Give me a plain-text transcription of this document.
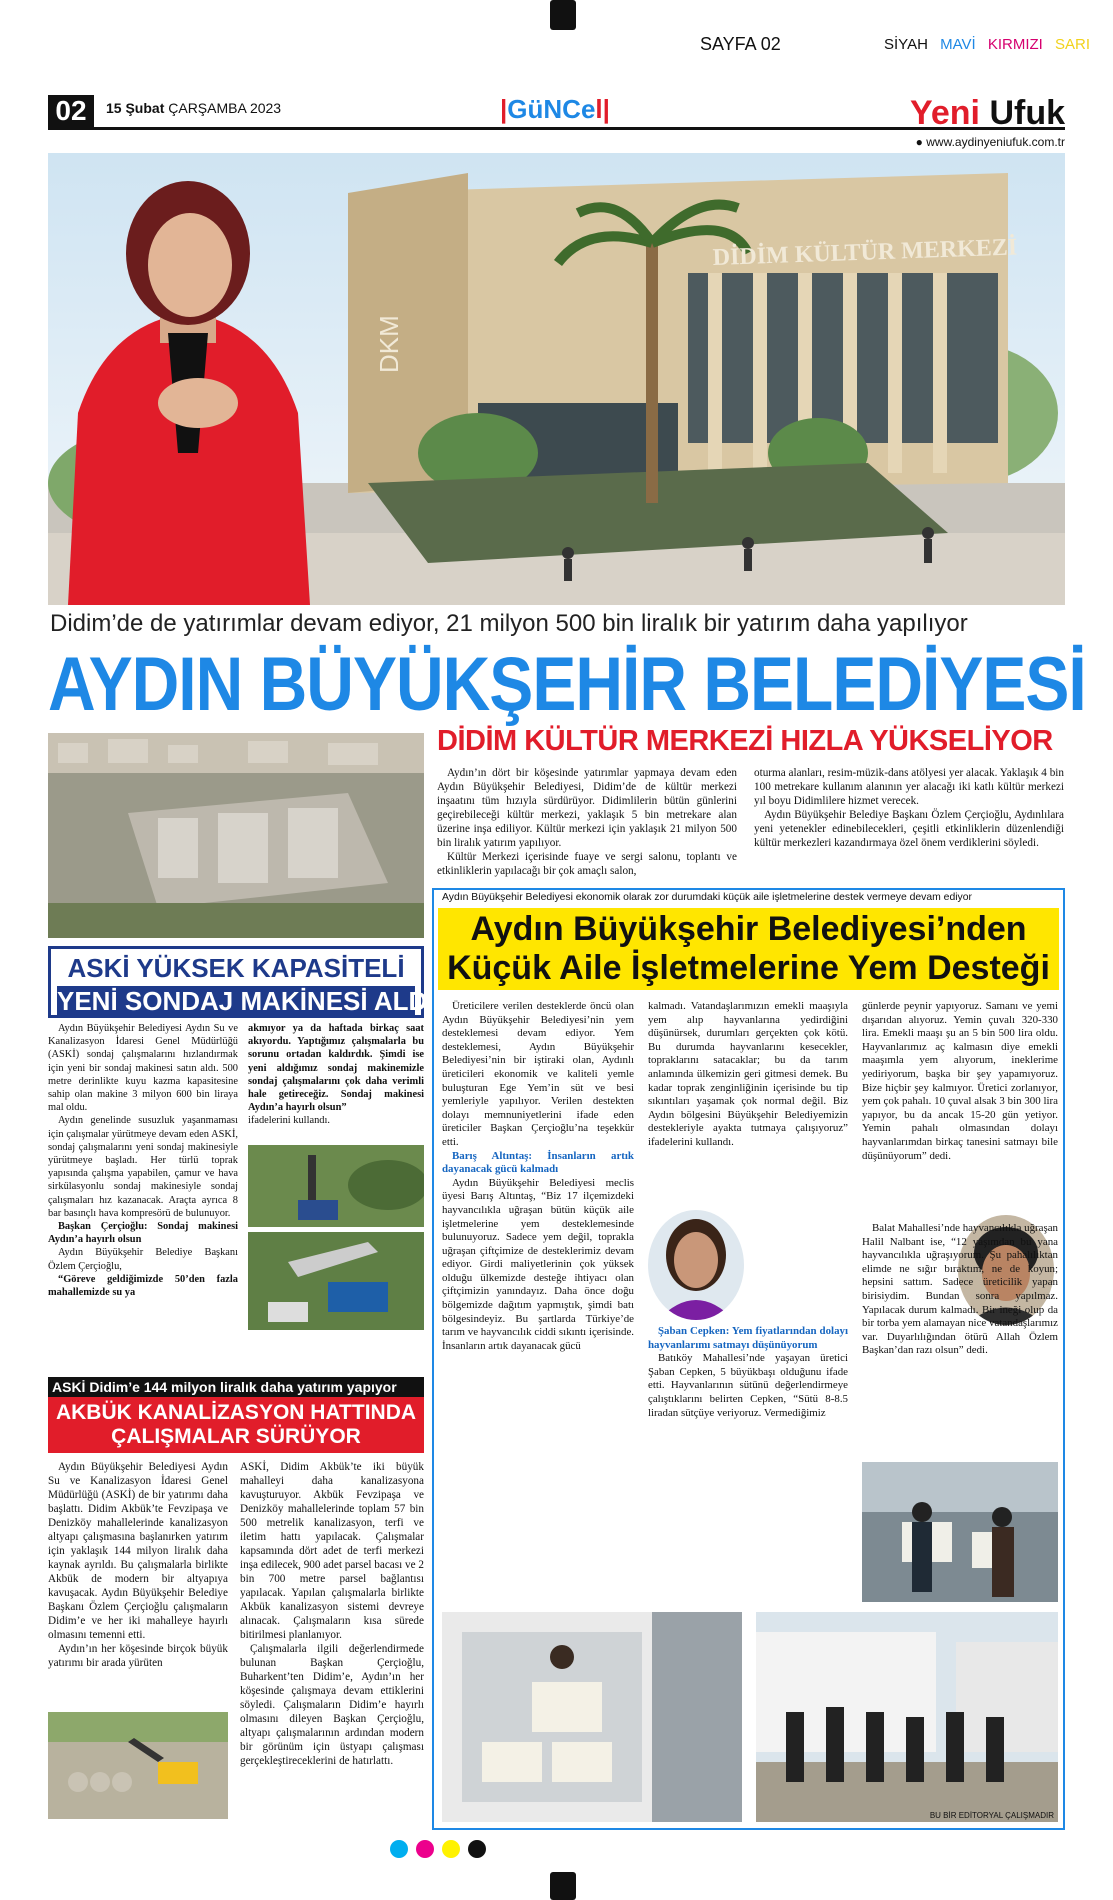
SAYFA 02	SİYAH MAVİ KIRMIZI SARI
02	15 Şubat ÇARŞAMBA 2023	|GüNCel|	Yeni Ufuk
● www.aydinyeniufuk.com.tr
DİDİM KÜLTÜR MERKEZİ
DKM
Didim’de de yatırımlar devam ediyor, 21 milyon 500 bin liralık bir yatırım daha yapılıyor
AYDIN BÜYÜKŞEHİR BELEDİYESİ
DİDİM KÜLTÜR MERKEZİ HIZLA YÜKSELİYOR

Aydın’ın dört bir köşesinde yatırımlar yapmaya devam eden Aydın Büyükşehir Belediyesi, Didim’de de kültür merkezi inşaatını tüm hızıyla sürdürüyor. Didimlilerin bütün günlerini geçirebileceği kültür merkezi, yaklaşık 5 bin metrekare alan üzerine inşa ediliyor. Kültür merkezi için yaklaşık 21 milyon 500 bin liralık yatırım yapılıyor.

Kültür Merkezi içerisinde fuaye ve sergi salonu, toplantı ve etkinliklerin yapılacağı bir çok amaçlı salon,

oturma alanları, resim-müzik-dans atölyesi yer alacak. Yaklaşık 4 bin 100 metrekare kullanım alanının yer alacağı iki katlı kültür merkezi yıl boyu Didimlilere hizmet verecek.

Aydın Büyükşehir Belediye Başkanı Özlem Çerçioğlu, Aydınlılara yeni yetenekler edinebilecekleri, çeşitli etkinliklerin düzenlendiği kültür merkezleri kazandırmaya özel önem verdiklerini söyledi.

ASKİ YÜKSEK KAPASİTELİ
YENİ SONDAJ MAKİNESİ ALDI

Aydın Büyükşehir Belediyesi Aydın Su ve Kanalizasyon İdaresi Genel Müdürlüğü (ASKİ) sondaj çalışmalarını hızlandırmak için yeni bir sondaj makinesi satın aldı. 500 metre derinlikte kuyu kazma kapasitesine sahip olan makine 3 milyon 600 bin liraya mal oldu.

Aydın genelinde susuzluk yaşanmaması için çalışmalar yürütmeye devam eden ASKİ, sondaj çalışmalarını yeni sondaj makinesiyle yürütmeye başladı. Her türlü toprak yapısında çalışma yapabilen, çamur ve hava sirkülasyonlu sondaj makinesiyle sondaj çalışmaları hız kazanacak. Araçta ayrıca 8 bar basınçlı hava kompresörü de bulunuyor.

Başkan Çerçioğlu: Sondaj makinesi Aydın’a hayırlı olsun

Aydın Büyükşehir Belediye Başkanı Özlem Çerçioğlu,

“Göreve geldiğimizde 50’den fazla mahallemizde su ya

akmıyor ya da haftada birkaç saat akıyordu. Yaptığımız çalışmalarla bu sorunu ortadan kaldırdık. Şimdi ise yeni aldığımız sondaj makinemizle sondaj çalışmalarını çok daha verimli hale getireceğiz. Sondaj makinesi Aydın’a hayırlı olsun”

ifadelerini kullandı.

ASKİ Didim’e 144 milyon liralık daha yatırım yapıyor
AKBÜK KANALİZASYON HATTINDA
ÇALIŞMALAR SÜRÜYOR

Aydın Büyükşehir Belediyesi Aydın Su ve Kanalizasyon İdaresi Genel Müdürlüğü (ASKİ) de bir yatırımı daha başlattı. Didim Akbük’te Fevzipaşa ve Denizköy mahallelerinde kanalizasyon altyapı çalışmasına başlanırken yatırım için yaklaşık 144 milyon liralık daha kaynak ayrıldı. Bu çalışmalarla birlikte Akbük de modern bir altyapıya kavuşacak. Aydın Büyükşehir Belediye Başkanı Özlem Çerçioğlu çalışmaların Didim’e ve her iki mahalleye hayırlı olmasını temenni etti.

Aydın’ın her köşesinde birçok büyük yatırımı bir arada yürüten

ASKİ, Didim Akbük’te iki büyük mahalleyi daha kanalizasyona kavuşturuyor. Akbük Fevzipaşa ve Denizköy mahallelerinde toplam 57 bin 500 metrelik kanalizasyon, terfi ve iletim hattı yapılacak. Çalışmalar kapsamında dört adet de terfi merkezi inşa edilecek, 900 adet parsel bacası ve 2 bin 700 metre parsel bağlantısı yapılacak. Yapılan çalışmalarla birlikte Akbük kanalizasyon sistemi devreye alınacak. Çalışmaların kısa sürede bitirilmesi planlanıyor.

Çalışmalarla ilgili değerlendirmede bulunan Başkan Çerçioğlu, Buharkent’ten Didim’e, Aydın’ın her köşesinde çalışmaya devam ettiklerini söyledi. Çalışmaların Didim’e hayırlı olmasını dileyen Başkan Çerçioğlu, altyapı çalışmalarının ardından modern bir görünüm için üstyapı çalışması gerçekleştireceklerini de hatırlattı.

Aydın Büyükşehir Belediyesi ekonomik olarak zor durumdaki küçük aile işletmelerine destek vermeye devam ediyor
Aydın Büyükşehir Belediyesi’nden
Küçük Aile İşletmelerine Yem Desteği

Üreticilere verilen desteklerde öncü olan Aydın Büyükşehir Belediyesi’nin yem desteklemesi devam ediyor. Yem desteklemesi, Aydın Büyükşehir Belediyesi’nin bir iştiraki olan, Aydınlı üreticileri ekonomik ve kaliteli yemle buluşturan Ege Yem’in süt ve besi yemleriyle yapılıyor. Verilen destekten dolayı memnuniyetlerini ifade eden üreticiler Başkan Çerçioğlu’na teşekkür etti.

Barış Altıntaş: İnsanların artık dayanacak gücü kalmadı

Aydın Büyükşehir Belediyesi meclis üyesi Barış Altıntaş, “Biz 17 ilçemizdeki hayvancılıkla uğraşan bütün küçük aile işletmelerine yem desteklemesinde bulunuyoruz. Sadece yem değil, toprakla uğraşan çiftçimize de desteklerimiz devam ediyor. Girdi maliyetlerinin çok yüksek olduğu ülkemizde desteğe ihtiyacı olan çiftçimizin yanındayız. Daha önce doğu bölgemizde dağıtım yapmıştık, şimdi batı bölgesindeyiz. Bu şartlarda Türkiye’de tarım ve hayvancılık ciddi sıkıntı içerisinde. İnsanların artık dayanacak gücü

kalmadı. Vatandaşlarımızın emekli maaşıyla yem alıp hayvanlarına yedirdiğini düşünürsek, durumları gerçekten çok kötü. Bu durumda hayvanlarını kesecekler, topraklarını satacaklar; bu da tarım anlamında ülkemizin geri gitmesi demek. Bu kadar toprak zenginliğinin içerisinde bu tip sıkıntıları yaşamak çok normal değil. Biz Aydın bölgesini Büyükşehir Belediyemizin destekleriyle ayakta tutmaya çalışıyoruz” ifadelerini kullandı.

Şaban Cepken: Yem fiyatlarından dolayı hayvanlarımı satmayı düşünüyorum

Batıköy Mahallesi’nde yaşayan üretici Şaban Cepken, 5 büyükbaşı olduğunu ifade etti. Hayvanlarının sütünü değerlendirmeye çalıştıklarını belirten Cepken, “Sütü 8-8.5 liradan sütçüye veriyoruz. Vermediğimiz

günlerde peynir yapıyoruz. Samanı ve yemi dışarıdan alıyoruz. Yemin çuvalı 320-330 lira. Emekli maaşı şu an 5 bin 500 lira oldu. Hayvanlarımız aç kalmasın diye emekli maaşımla yem alıyorum, ineklerime yediriyorum, başka bir şey yapamıyoruz. Bize hiçbir şey kalmıyor. Üretici zorlanıyor, yem çok pahalı. 10 çuval alsak 3 bin 300 lira yapıyor, bu da ancak 15-20 gün yetiyor. Yemin pahalı olmasından dolayı hayvanlarımdan birkaç tanesini satmayı bile düşünüyorum” dedi.

Balat Mahallesi’nde hayvancılıkla uğraşan Halil Nalbant ise, “12 yaşımdan bu yana hayvancılıkla uğraşıyorum. Şu pahalılıktan elimde ne sığır bıraktım, ne de koyun; hepsini sattım. Sadece üreticilik yapan birisiydim. Bundan sonra yapılmaz. Yapılacak durum kalmadı. Bir ineği olup da bir torba yem alamayan nice vatandaşlarımız var. Duyarlılığından ötürü Allah Özlem Başkan’dan razı olsun” dedi.

BU BİR EDİTORYAL ÇALIŞMADIR
